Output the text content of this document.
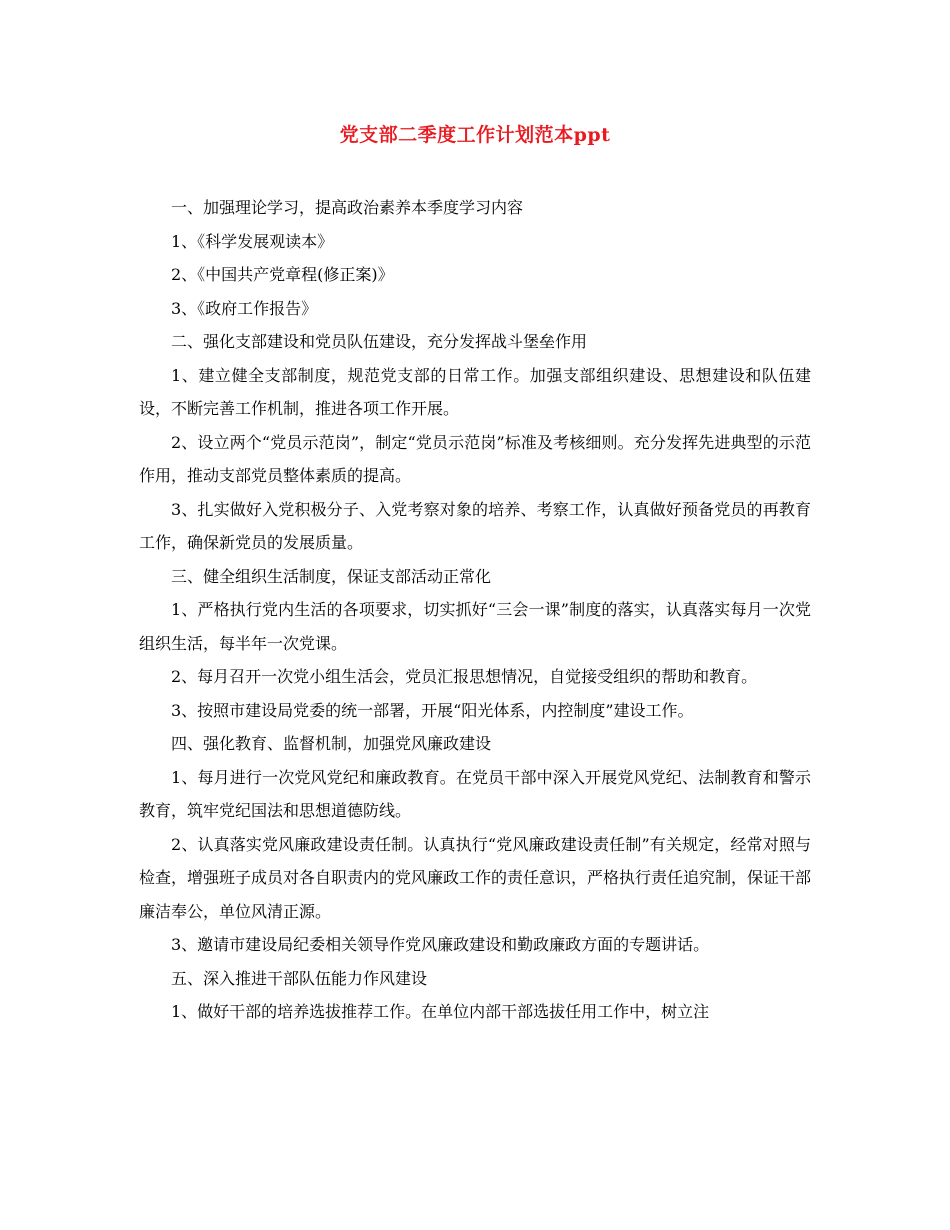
党支部二季度工作计划范本ppt

一、加强理论学习，提高政治素养本季度学习内容

1、《科学发展观读本》

2、《中国共产党章程(修正案)》

3、《政府工作报告》

二、强化支部建设和党员队伍建设，充分发挥战斗堡垒作用

1、建立健全支部制度，规范党支部的日常工作。加强支部组织建设、思想建设和队伍建设，不断完善工作机制，推进各项工作开展。

2、设立两个“党员示范岗”，制定“党员示范岗”标准及考核细则。充分发挥先进典型的示范作用，推动支部党员整体素质的提高。

3、扎实做好入党积极分子、入党考察对象的培养、考察工作，认真做好预备党员的再教育工作，确保新党员的发展质量。

三、健全组织生活制度，保证支部活动正常化

1、严格执行党内生活的各项要求，切实抓好“三会一课”制度的落实，认真落实每月一次党组织生活，每半年一次党课。

2、每月召开一次党小组生活会，党员汇报思想情况，自觉接受组织的帮助和教育。

3、按照市建设局党委的统一部署，开展“阳光体系，内控制度”建设工作。

四、强化教育、监督机制，加强党风廉政建设

1、每月进行一次党风党纪和廉政教育。在党员干部中深入开展党风党纪、法制教育和警示教育，筑牢党纪国法和思想道德防线。

2、认真落实党风廉政建设责任制。认真执行“党风廉政建设责任制”有关规定，经常对照与检查，增强班子成员对各自职责内的党风廉政工作的责任意识，严格执行责任追究制，保证干部廉洁奉公，单位风清正源。

3、邀请市建设局纪委相关领导作党风廉政建设和勤政廉政方面的专题讲话。

五、深入推进干部队伍能力作风建设

1、做好干部的培养选拔推荐工作。在单位内部干部选拔任用工作中，树立注
